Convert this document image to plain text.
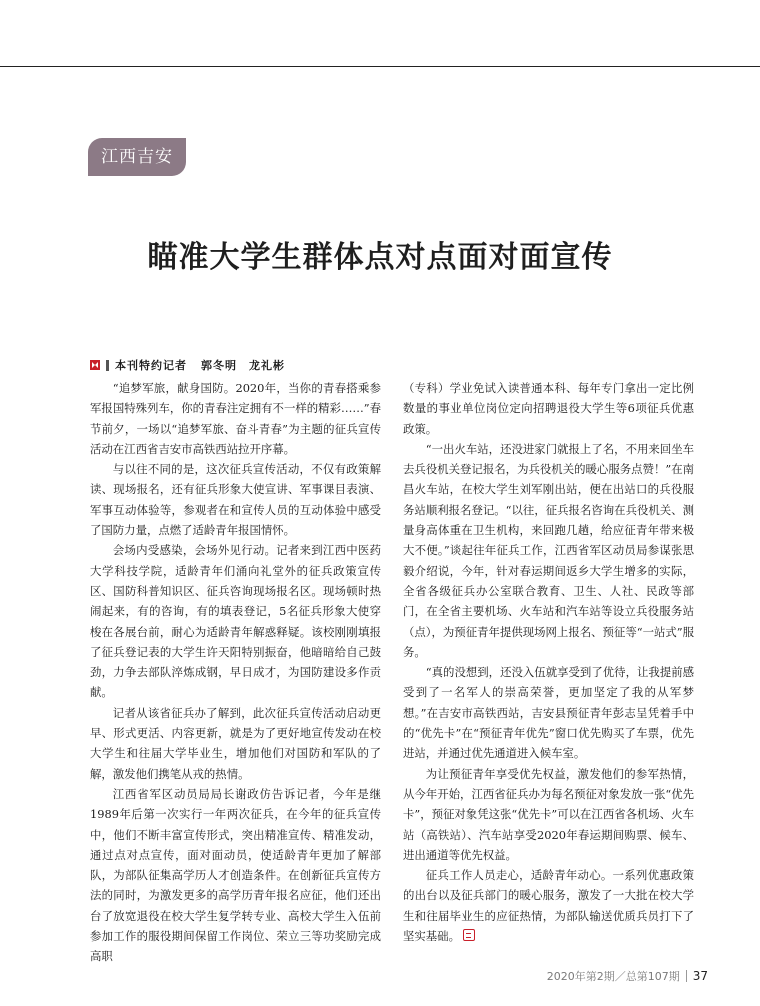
江西吉安
瞄准大学生群体点对点面对面宣传
本刊特约记者 郭冬明　龙礼彬

“追梦军旅，献身国防。2020年，当你的青春搭乘参军报国特殊列车，你的青春注定拥有不一样的精彩……”春节前夕，一场以“追梦军旅、奋斗青春”为主题的征兵宣传活动在江西省吉安市高铁西站拉开序幕。

与以往不同的是，这次征兵宣传活动，不仅有政策解读、现场报名，还有征兵形象大使宣讲、军事课目表演、军事互动体验等，参观者在和宣传人员的互动体验中感受了国防力量，点燃了适龄青年报国情怀。

会场内受感染，会场外见行动。记者来到江西中医药大学科技学院，适龄青年们涌向礼堂外的征兵政策宣传区、国防科普知识区、征兵咨询现场报名区。现场顿时热闹起来，有的咨询，有的填表登记，5名征兵形象大使穿梭在各展台前，耐心为适龄青年解惑释疑。该校刚刚填报了征兵登记表的大学生许天阳特别振奋，他暗暗给自己鼓劲，力争去部队淬炼成钢，早日成才，为国防建设多作贡献。

记者从该省征兵办了解到，此次征兵宣传活动启动更早、形式更活、内容更新，就是为了更好地宣传发动在校大学生和往届大学毕业生，增加他们对国防和军队的了解，激发他们携笔从戎的热情。

江西省军区动员局局长谢政仿告诉记者，今年是继1989年后第一次实行一年两次征兵，在今年的征兵宣传中，他们不断丰富宣传形式，突出精准宣传、精准发动，通过点对点宣传，面对面动员，使适龄青年更加了解部队，为部队征集高学历人才创造条件。在创新征兵宣传方法的同时，为激发更多的高学历青年报名应征，他们还出台了放宽退役在校大学生复学转专业、高校大学生入伍前参加工作的服役期间保留工作岗位、荣立三等功奖励完成高职

（专科）学业免试入读普通本科、每年专门拿出一定比例数量的事业单位岗位定向招聘退役大学生等6项征兵优惠政策。

“一出火车站，还没进家门就报上了名，不用来回坐车去兵役机关登记报名，为兵役机关的暖心服务点赞！”在南昌火车站，在校大学生刘军刚出站，便在出站口的兵役服务站顺利报名登记。“以往，征兵报名咨询在兵役机关、测量身高体重在卫生机构，来回跑几趟，给应征青年带来极大不便。”谈起往年征兵工作，江西省军区动员局参谋张思毅介绍说，今年，针对春运期间返乡大学生增多的实际，全省各级征兵办公室联合教育、卫生、人社、民政等部门，在全省主要机场、火车站和汽车站等设立兵役服务站（点），为预征青年提供现场网上报名、预征等“一站式”服务。

“真的没想到，还没入伍就享受到了优待，让我提前感受到了一名军人的崇高荣誉，更加坚定了我的从军梦想。”在吉安市高铁西站，吉安县预征青年彭志呈凭着手中的“优先卡”在“预征青年优先”窗口优先购买了车票，优先进站，并通过优先通道进入候车室。

为让预征青年享受优先权益，激发他们的参军热情，从今年开始，江西省征兵办为每名预征对象发放一张“优先卡”，预征对象凭这张“优先卡”可以在江西省各机场、火车站（高铁站）、汽车站享受2020年春运期间购票、候车、进出通道等优先权益。

征兵工作人员走心，适龄青年动心。一系列优惠政策的出台以及征兵部门的暖心服务，激发了一大批在校大学生和往届毕业生的应征热情，为部队输送优质兵员打下了坚实基础。

2020年第2期／总第107期 37
